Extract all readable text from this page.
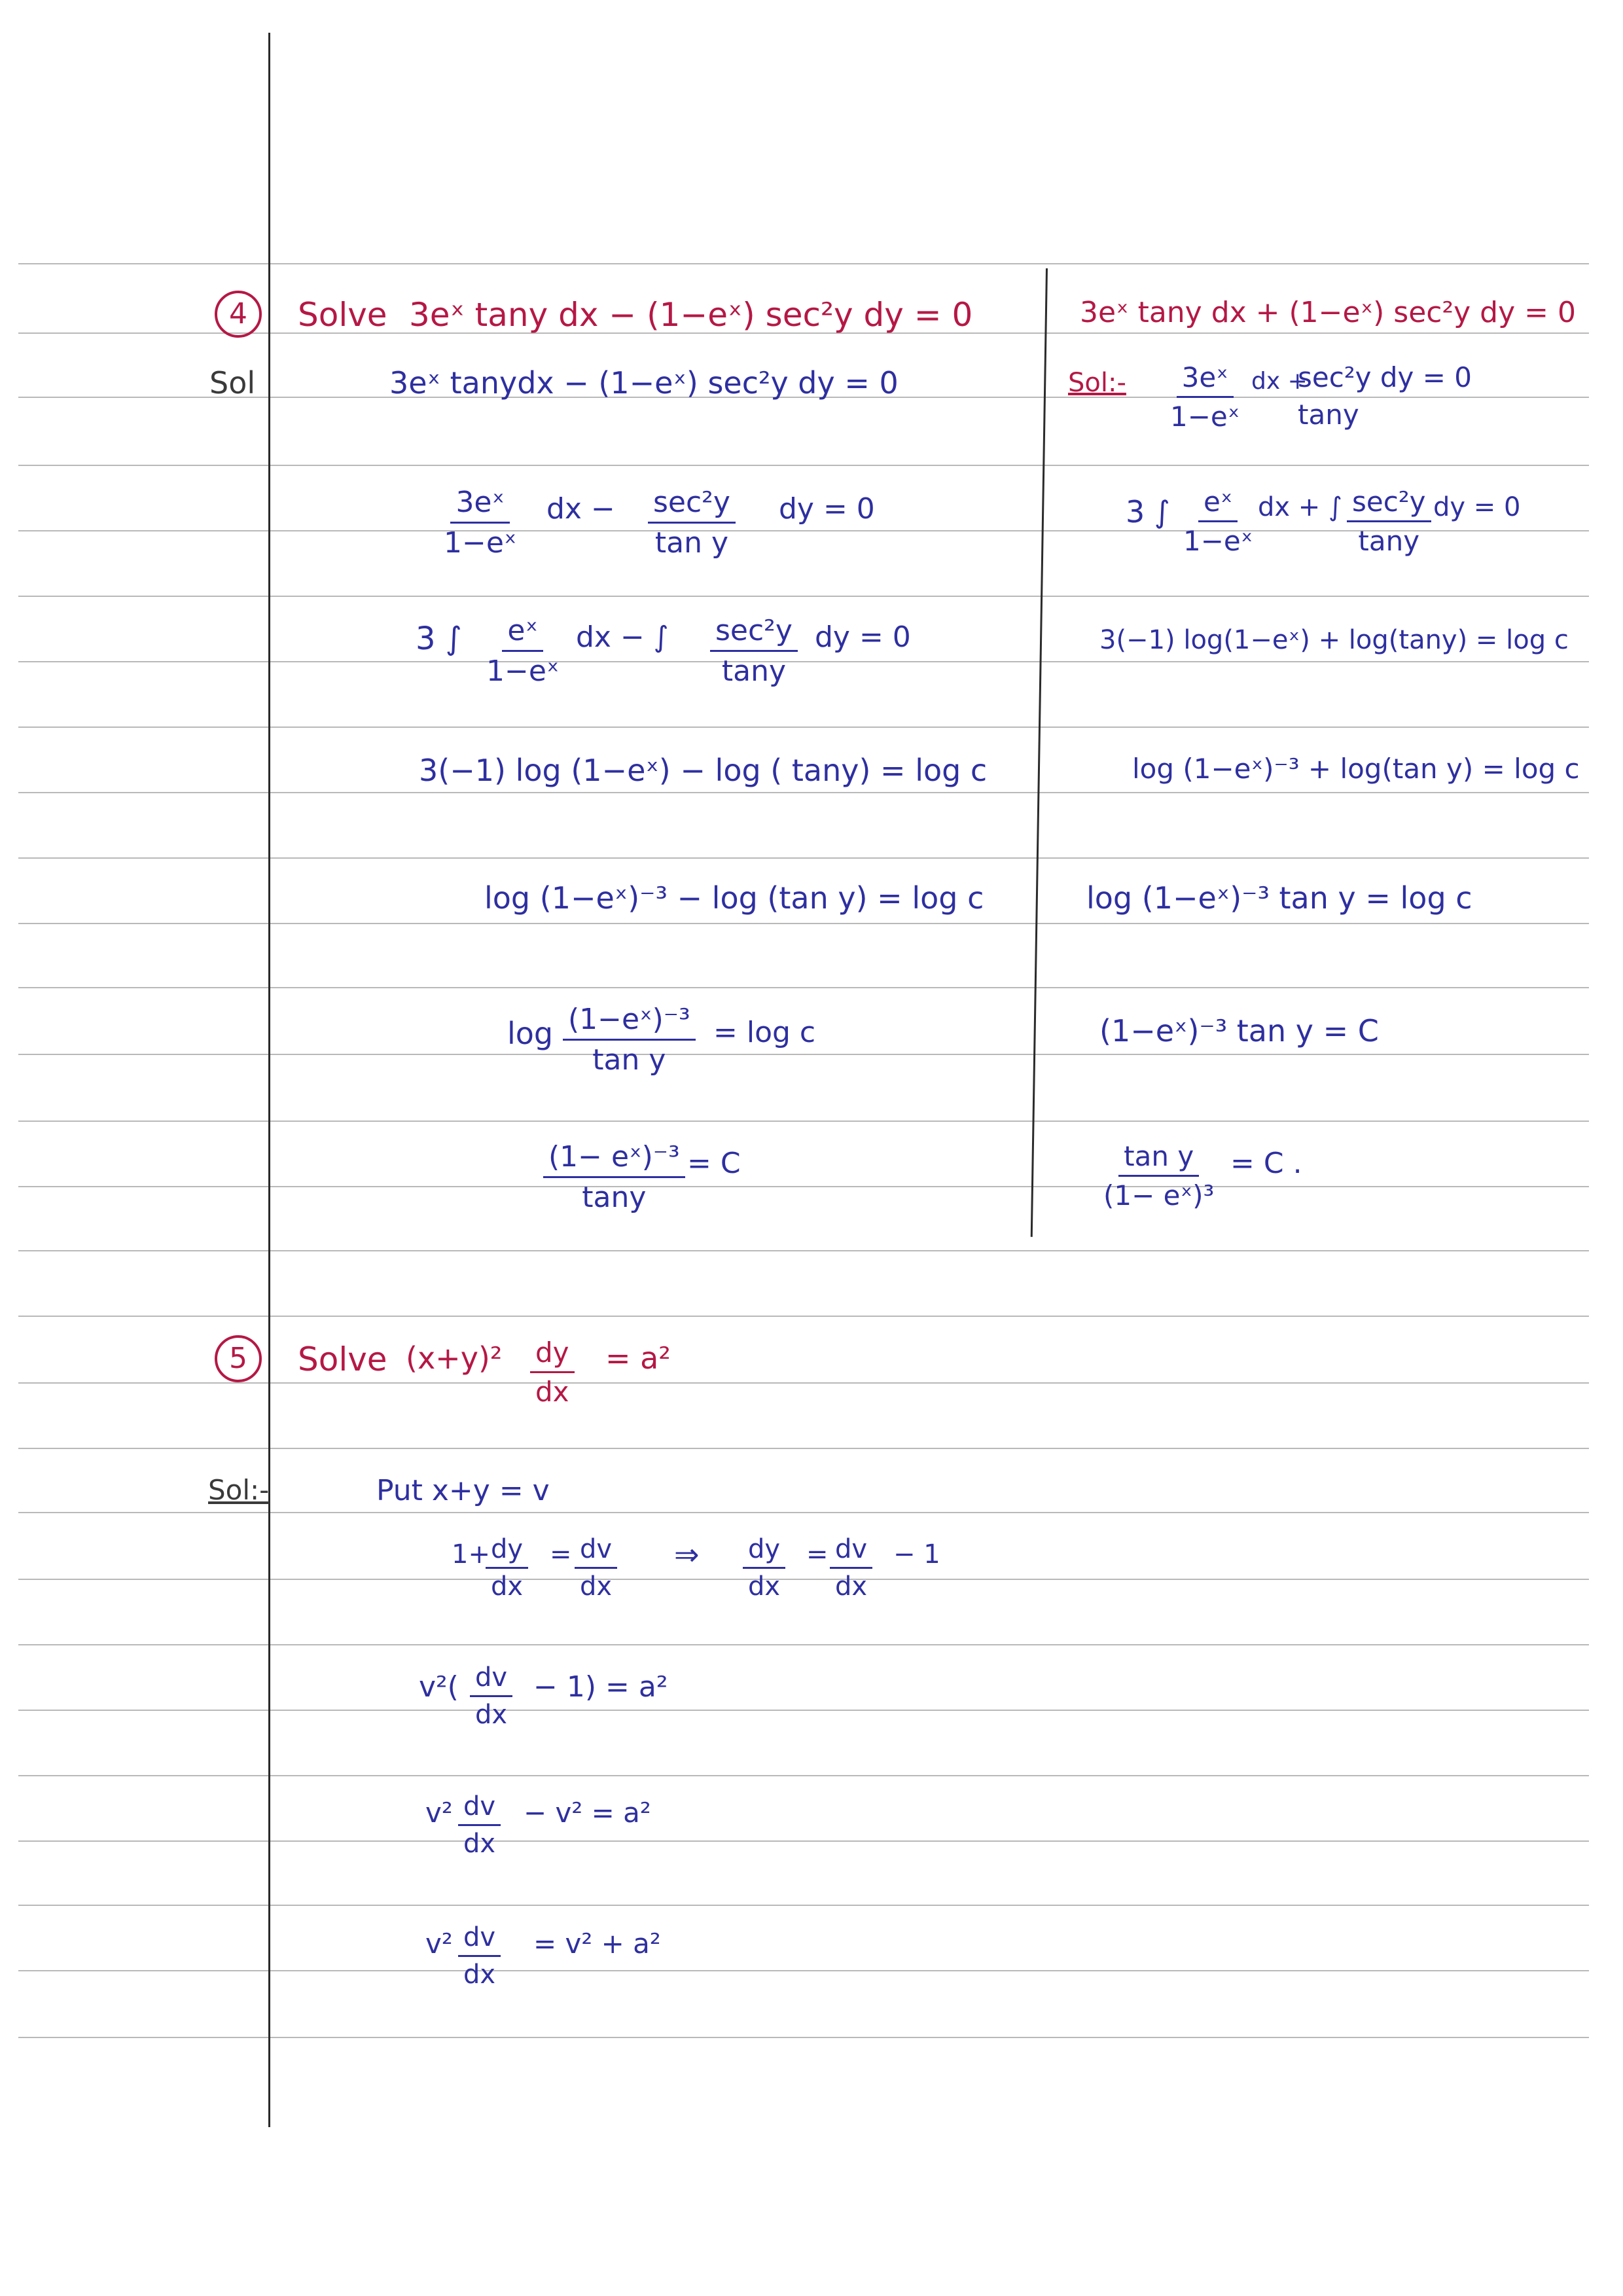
4	Solve 3eˣ tany dx − (1−eˣ) sec²y dy = 0
Sol	3eˣ tanydx − (1−eˣ) sec²y dy = 0
$\frac{\text{3eˣ}}{\text{1−eˣ}}$ dx − sec²y
tan y
dy = 0
3 ∫ $\frac{\text{eˣ}}{\text{1−eˣ}}$ dx − ∫ sec²y
tany
dy = 0
3(−1) log (1−eˣ) − log ( tany) = log c
log (1−eˣ)⁻³ − log (tan y) = log c
$\log \frac{\text{(1−eˣ)⁻³}}{\text{tan y}} = \log c$
$\frac{\text{(1− eˣ)⁻³}}{\tan y} = C$
3eˣ tany dx + (1−eˣ) sec²y dy = 0
Sol:- $\frac{\text{3eˣ}}{\text{1−eˣ}}$ dx +
sec²y dy = 0
tany
3 ∫ $\frac{\text{eˣ}}{\text{1−eˣ}}$ dx + ∫ sec²y
tany
dy = 0
3(−1) log(1−eˣ) + log(tany) = log c
log (1−eˣ)⁻³ + log(tan y) = log c
log (1−eˣ)⁻³ tan y = log c
(1−eˣ)⁻³ tan y = C
$\frac{\text{tan y}}{\text{(1− eˣ)³}} = C$ .
5	Solve $(x+y)^2 \frac{dy}{dx} = a^2$
Sol:-	Put x+y = v
1+
$\frac{dy}{dx} = \frac{dv}{dx}$ ⇒ $\frac{dy}{dx} = \frac{dv}{dx} - 1$
$v^2( \frac{dv}{dx} - 1) = a^2$
$v^2 \frac{dv}{dx} - v^2 = a^2$
$v^2 \frac{dv}{dx} = v^2 + a^2$
